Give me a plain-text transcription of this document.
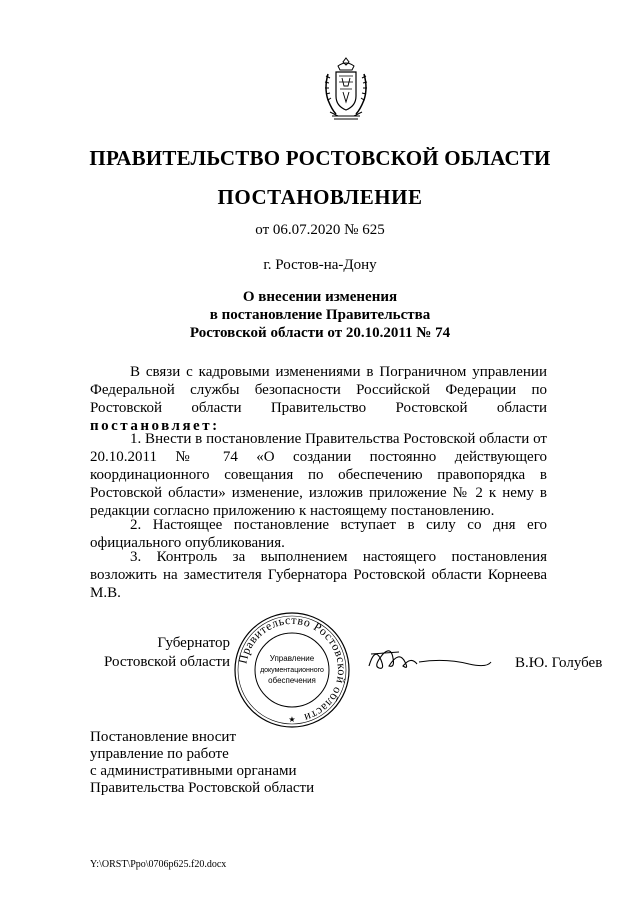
ПРАВИТЕЛЬСТВО РОСТОВСКОЙ ОБЛАСТИ
ПОСТАНОВЛЕНИЕ
от 06.07.2020 № 625
г. Ростов-на-Дону
О внесении изменения
в постановление Правительства
Ростовской области от 20.10.2011 № 74
В связи с кадровыми изменениями в Пограничном управлении Федеральной службы безопасности Российской Федерации по Ростовской области Правительство Ростовской области постановляет:
1. Внести в постановление Правительства Ростовской области от 20.10.2011 № 74 «О создании постоянно действующего координационного совещания по обеспечению правопорядка в Ростовской области» изменение, изложив приложение № 2 к нему в редакции согласно приложению к настоящему постановлению.
2. Настоящее постановление вступает в силу со дня его официального опубликования.
3. Контроль за выполнением настоящего постановления возложить на заместителя Губернатора Ростовской области Корнеева М.В.
Губернатор
Ростовской области Правительство Ростовской области
Управление
документационного
обеспечения
★
В.Ю. Голубев
Постановление вносит
управление по работе
с административными органами
Правительства Ростовской области
Y:\ORST\Ppo\0706p625.f20.docx
